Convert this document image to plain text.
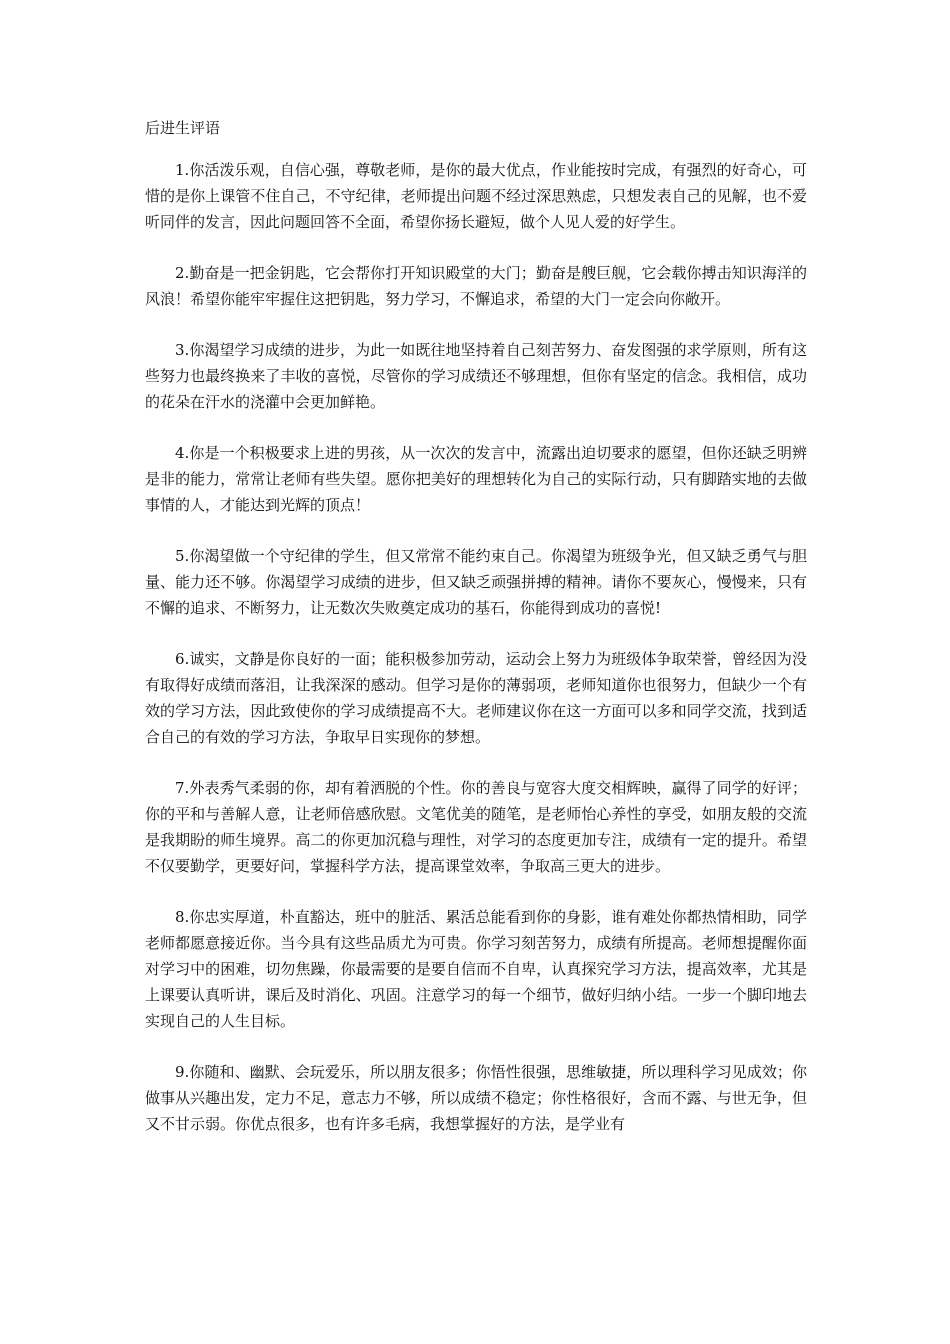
后进生评语

1.你活泼乐观，自信心强，尊敬老师，是你的最大优点，作业能按时完成，有强烈的好奇心，可惜的是你上课管不住自己，不守纪律，老师提出问题不经过深思熟虑，只想发表自己的见解，也不爱听同伴的发言，因此问题回答不全面，希望你扬长避短，做个人见人爱的好学生。

2.勤奋是一把金钥匙，它会帮你打开知识殿堂的大门；勤奋是艘巨舰，它会载你搏击知识海洋的风浪！希望你能牢牢握住这把钥匙，努力学习，不懈追求，希望的大门一定会向你敞开。

3.你渴望学习成绩的进步，为此一如既往地坚持着自己刻苦努力、奋发图强的求学原则，所有这些努力也最终换来了丰收的喜悦，尽管你的学习成绩还不够理想，但你有坚定的信念。我相信，成功的花朵在汗水的浇灌中会更加鲜艳。

4.你是一个积极要求上进的男孩，从一次次的发言中，流露出迫切要求的愿望，但你还缺乏明辨是非的能力，常常让老师有些失望。愿你把美好的理想转化为自己的实际行动，只有脚踏实地的去做事情的人，才能达到光辉的顶点！

5.你渴望做一个守纪律的学生，但又常常不能约束自己。你渴望为班级争光，但又缺乏勇气与胆量、能力还不够。你渴望学习成绩的进步，但又缺乏顽强拼搏的精神。请你不要灰心，慢慢来，只有不懈的追求、不断努力，让无数次失败奠定成功的基石，你能得到成功的喜悦!

6.诚实，文静是你良好的一面；能积极参加劳动，运动会上努力为班级体争取荣誉，曾经因为没有取得好成绩而落泪，让我深深的感动。但学习是你的薄弱项，老师知道你也很努力，但缺少一个有效的学习方法，因此致使你的学习成绩提高不大。老师建议你在这一方面可以多和同学交流，找到适合自己的有效的学习方法，争取早日实现你的梦想。

7.外表秀气柔弱的你，却有着洒脱的个性。你的善良与宽容大度交相辉映，赢得了同学的好评；你的平和与善解人意，让老师倍感欣慰。文笔优美的随笔，是老师怡心养性的享受，如朋友般的交流是我期盼的师生境界。高二的你更加沉稳与理性，对学习的态度更加专注，成绩有一定的提升。希望不仅要勤学，更要好问，掌握科学方法，提高课堂效率，争取高三更大的进步。

8.你忠实厚道，朴直豁达，班中的脏活、累活总能看到你的身影，谁有难处你都热情相助，同学老师都愿意接近你。当今具有这些品质尤为可贵。你学习刻苦努力，成绩有所提高。老师想提醒你面对学习中的困难，切勿焦躁，你最需要的是要自信而不自卑，认真探究学习方法，提高效率，尤其是上课要认真听讲，课后及时消化、巩固。注意学习的每一个细节，做好归纳小结。一步一个脚印地去实现自己的人生目标。

9.你随和、幽默、会玩爱乐，所以朋友很多；你悟性很强，思维敏捷，所以理科学习见成效；你做事从兴趣出发，定力不足，意志力不够，所以成绩不稳定；你性格很好，含而不露、与世无争，但又不甘示弱。你优点很多，也有许多毛病，我想掌握好的方法，是学业有
